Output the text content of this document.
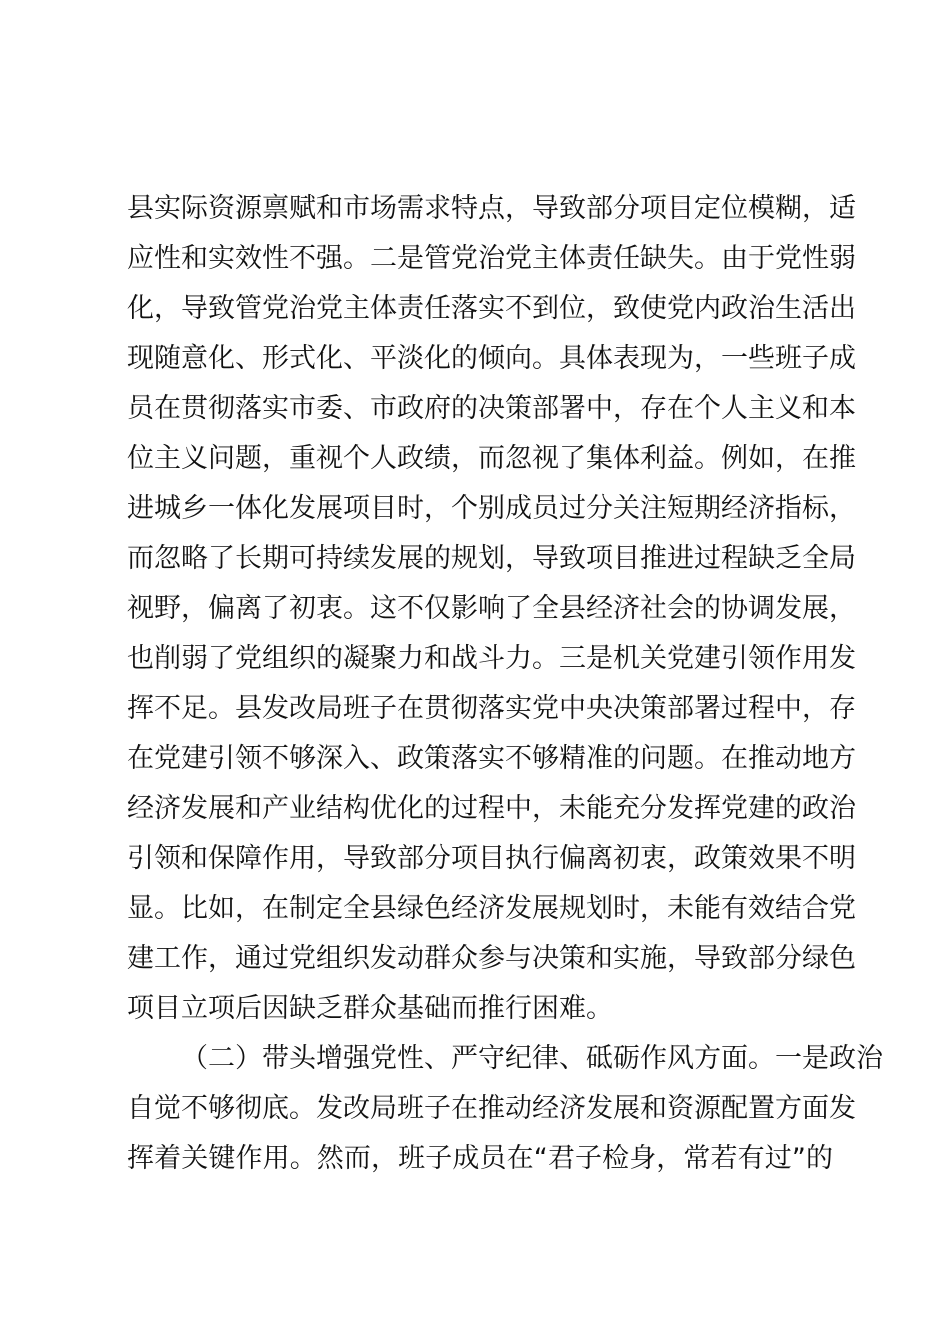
县实际资源禀赋和市场需求特点，导致部分项目定位模糊，适
应性和实效性不强。二是管党治党主体责任缺失。由于党性弱
化，导致管党治党主体责任落实不到位，致使党内政治生活出
现随意化、形式化、平淡化的倾向。具体表现为，一些班子成
员在贯彻落实市委、市政府的决策部署中，存在个人主义和本
位主义问题，重视个人政绩，而忽视了集体利益。例如，在推
进城乡一体化发展项目时，个别成员过分关注短期经济指标，
而忽略了长期可持续发展的规划，导致项目推进过程缺乏全局
视野，偏离了初衷。这不仅影响了全县经济社会的协调发展，
也削弱了党组织的凝聚力和战斗力。三是机关党建引领作用发
挥不足。县发改局班子在贯彻落实党中央决策部署过程中，存
在党建引领不够深入、政策落实不够精准的问题。在推动地方
经济发展和产业结构优化的过程中，未能充分发挥党建的政治
引领和保障作用，导致部分项目执行偏离初衷，政策效果不明
显。比如，在制定全县绿色经济发展规划时，未能有效结合党
建工作，通过党组织发动群众参与决策和实施，导致部分绿色
项目立项后因缺乏群众基础而推行困难。
（二）带头增强党性、严守纪律、砥砺作风方面。一是政治
自觉不够彻底。发改局班子在推动经济发展和资源配置方面发
挥着关键作用。然而，班子成员在“君子检身，常若有过”的
